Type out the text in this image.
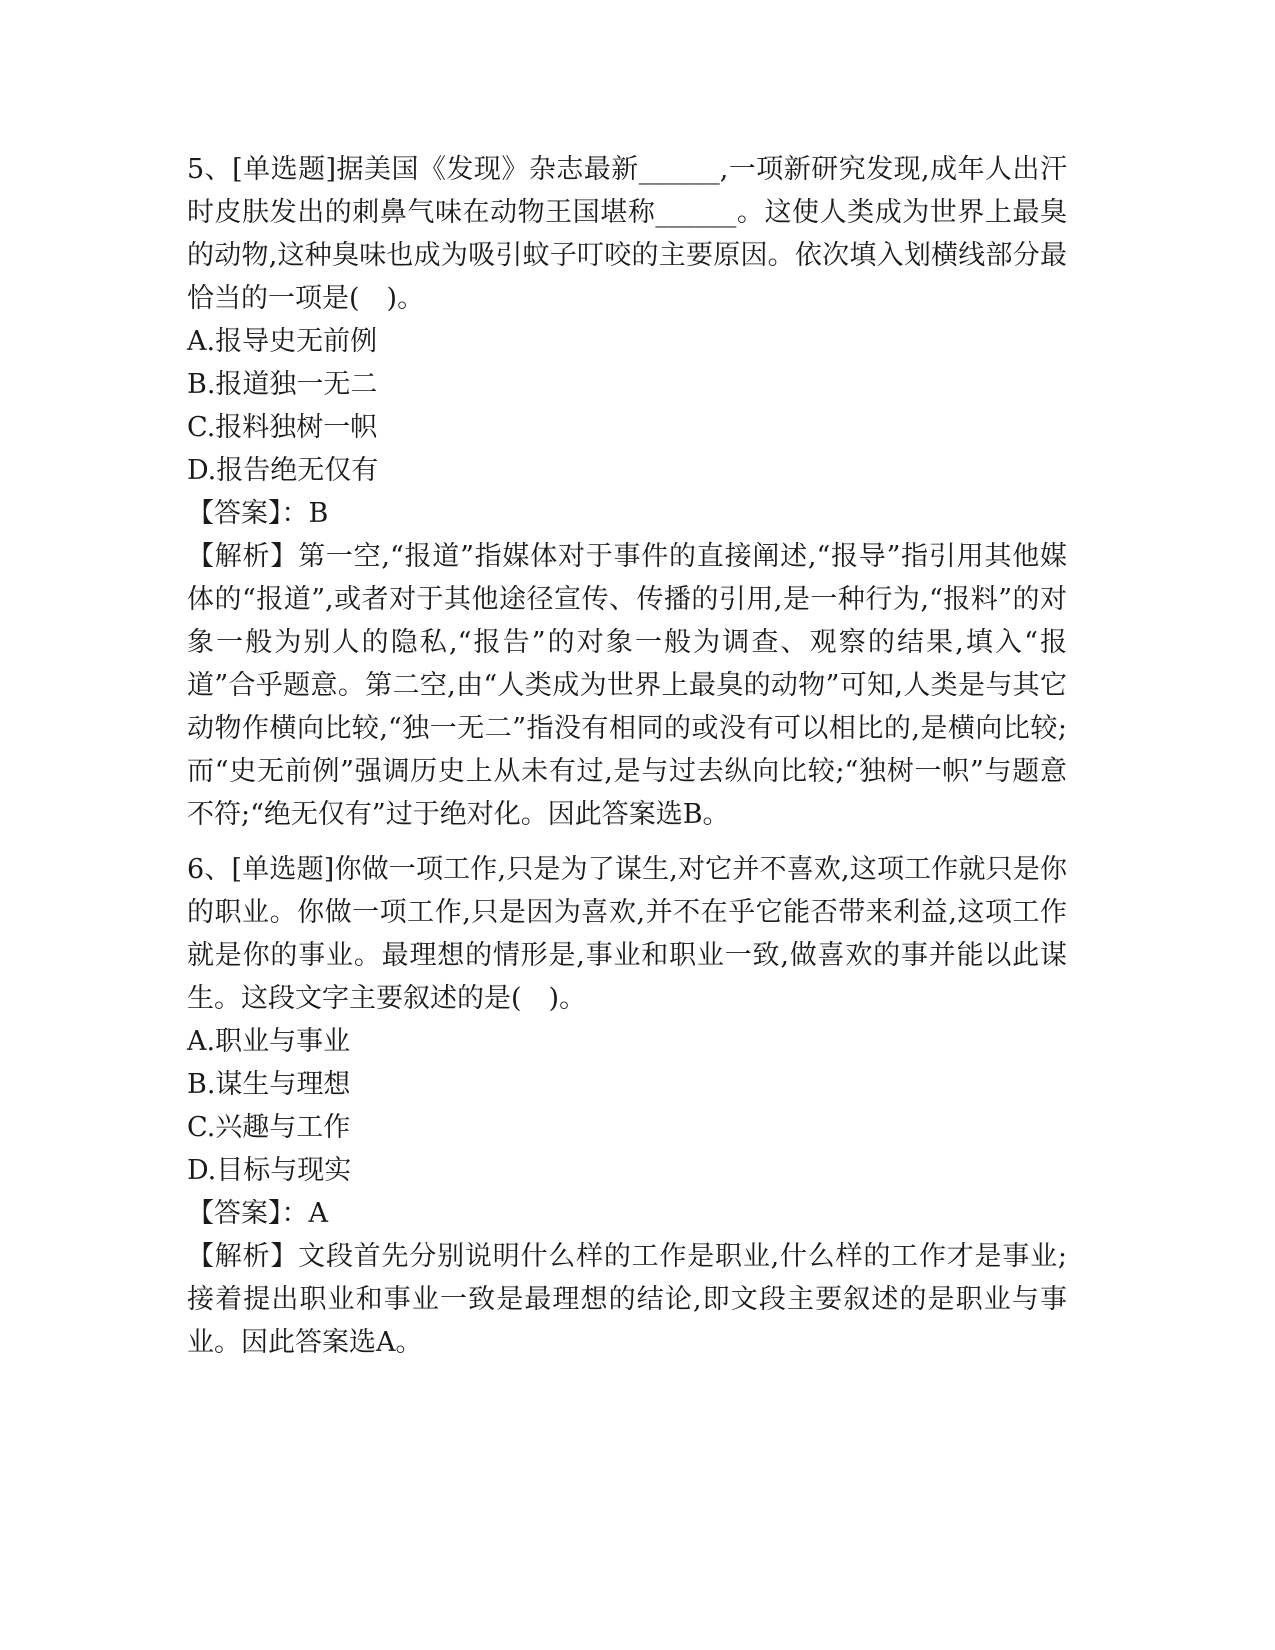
5、[单选题]据美国《发现》杂志最新______,一项新研究发现,成年人出汗时皮肤发出的刺鼻气味在动物王国堪称______。这使人类成为世界上最臭的动物,这种臭味也成为吸引蚊子叮咬的主要原因。依次填入划横线部分最恰当的一项是(　)。

A.报导史无前例
B.报道独一无二
C.报料独树一帜
D.报告绝无仅有

【答案】：B

【解析】第一空,“报道”指媒体对于事件的直接阐述,“报导”指引用其他媒体的“报道”,或者对于其他途径宣传、传播的引用,是一种行为,“报料”的对象一般为别人的隐私,“报告”的对象一般为调查、观察的结果,填入“报道”合乎题意。第二空,由“人类成为世界上最臭的动物”可知,人类是与其它动物作横向比较,“独一无二”指没有相同的或没有可以相比的,是横向比较;而“史无前例”强调历史上从未有过,是与过去纵向比较;“独树一帜”与题意不符;“绝无仅有”过于绝对化。因此答案选B。

6、[单选题]你做一项工作,只是为了谋生,对它并不喜欢,这项工作就只是你的职业。你做一项工作,只是因为喜欢,并不在乎它能否带来利益,这项工作就是你的事业。最理想的情形是,事业和职业一致,做喜欢的事并能以此谋生。这段文字主要叙述的是(　)。

A.职业与事业
B.谋生与理想
C.兴趣与工作
D.目标与现实

【答案】：A

【解析】文段首先分别说明什么样的工作是职业,什么样的工作才是事业;接着提出职业和事业一致是最理想的结论,即文段主要叙述的是职业与事业。因此答案选A。
